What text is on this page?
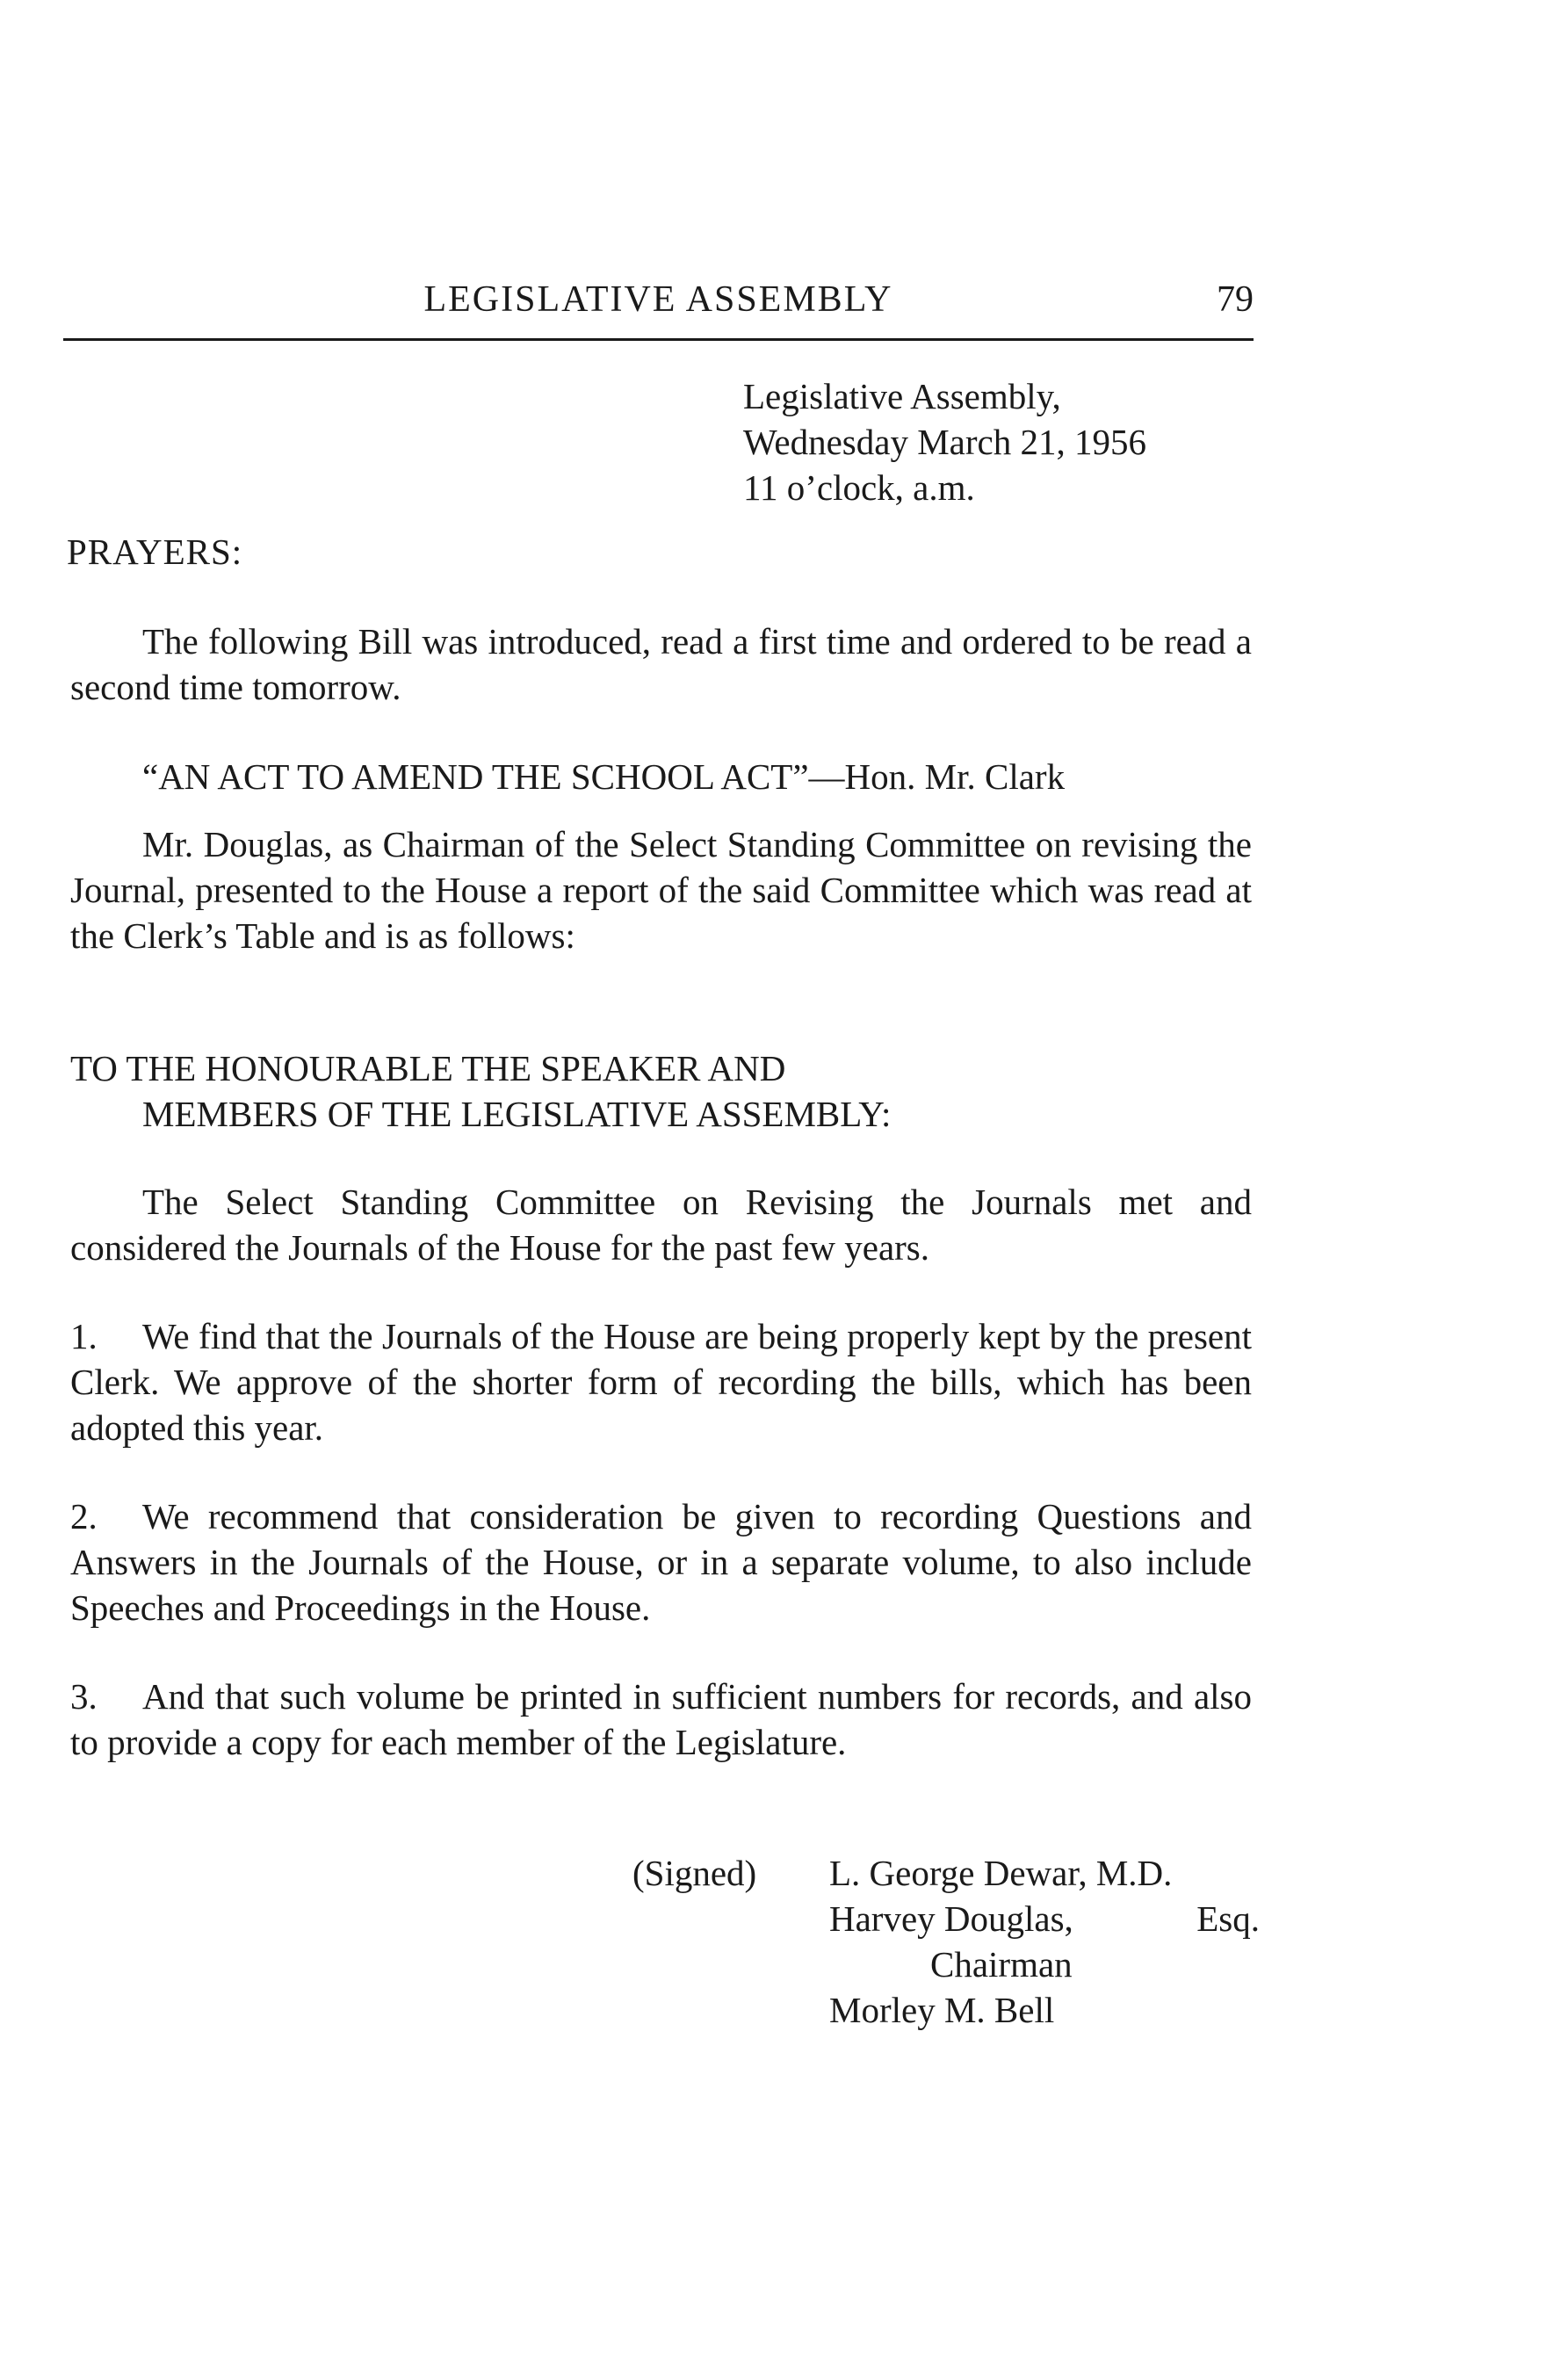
LEGISLATIVE ASSEMBLY	79
Legislative Assembly,
Wednesday March 21, 1956
11 o’clock, a.m.
PRAYERS:
The following Bill was introduced, read a first time and ordered to be read a second time tomorrow.
“AN ACT TO AMEND THE SCHOOL ACT”—Hon. Mr. Clark
Mr. Douglas, as Chairman of the Select Standing Committee on revising the Journal, presented to the House a report of the said Committee which was read at the Clerk’s Table and is as follows:
TO THE HONOURABLE THE SPEAKER AND
MEMBERS OF THE LEGISLATIVE ASSEMBLY:
The Select Standing Committee on Revising the Journals met and considered the Journals of the House for the past few years.
1. We find that the Journals of the House are being properly kept by the present Clerk. We approve of the shorter form of recording the bills, which has been adopted this year.
2. We recommend that consideration be given to recording Questions and Answers in the Journals of the House, or in a separate volume, to also include Speeches and Proceedings in the House.
3. And that such volume be printed in sufficient numbers for records, and also to provide a copy for each member of the Legislature.
(Signed) L. George Dewar, M.D.
Harvey Douglas,	Esq.
Chairman
Morley M. Bell
